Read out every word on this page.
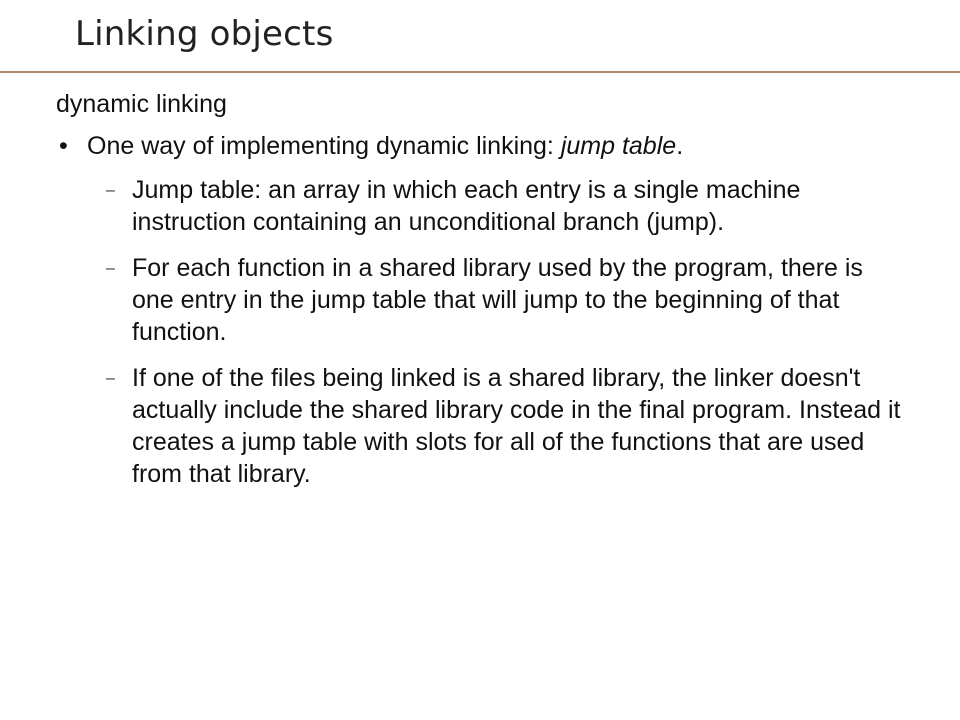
Linking objects
dynamic linking
• One way of implementing dynamic linking: jump table.
– Jump table: an array in which each entry is a single machine instruction containing an unconditional branch (jump).
– For each function in a shared library used by the program, there is one entry in the jump table that will jump to the beginning of that function.
– If one of the files being linked is a shared library, the linker doesn't actually include the shared library code in the final program. Instead it creates a jump table with slots for all of the functions that are used from that library.
